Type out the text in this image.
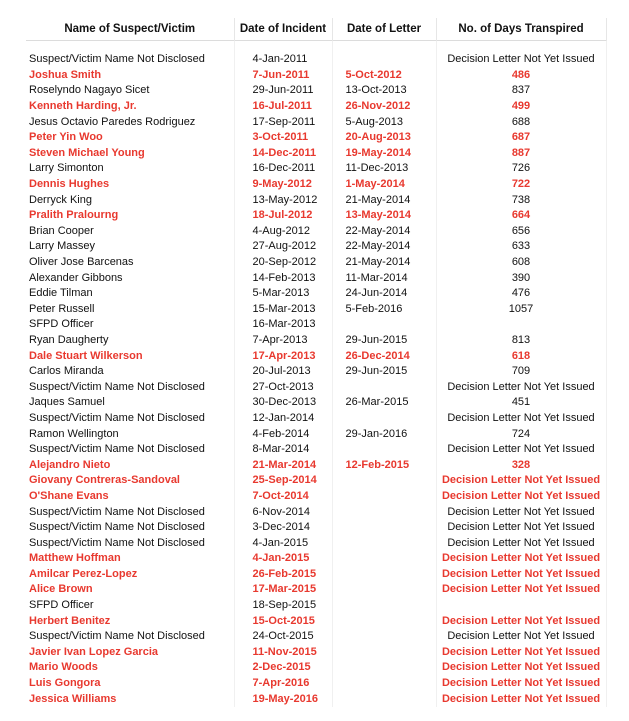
Name of Suspect/Victim	Date of Incident	Date of Letter	No. of Days Transpired

Suspect/Victim Name Not Disclosed	4-Jan-2011		Decision Letter Not Yet Issued
Joshua Smith	7-Jun-2011	5-Oct-2012	486
Roselyndo Nagayo Sicet	29-Jun-2011	13-Oct-2013	837
Kenneth Harding, Jr.	16-Jul-2011	26-Nov-2012	499
Jesus Octavio Paredes Rodriguez	17-Sep-2011	5-Aug-2013	688
Peter Yin Woo	3-Oct-2011	20-Aug-2013	687
Steven Michael Young	14-Dec-2011	19-May-2014	887
Larry Simonton	16-Dec-2011	11-Dec-2013	726
Dennis Hughes	9-May-2012	1-May-2014	722
Derryck King	13-May-2012	21-May-2014	738
Pralith Pralourng	18-Jul-2012	13-May-2014	664
Brian Cooper	4-Aug-2012	22-May-2014	656
Larry Massey	27-Aug-2012	22-May-2014	633
Oliver Jose Barcenas	20-Sep-2012	21-May-2014	608
Alexander Gibbons	14-Feb-2013	11-Mar-2014	390
Eddie Tilman	5-Mar-2013	24-Jun-2014	476
Peter Russell	15-Mar-2013	5-Feb-2016	1057
SFPD Officer	16-Mar-2013		
Ryan Daugherty	7-Apr-2013	29-Jun-2015	813
Dale Stuart Wilkerson	17-Apr-2013	26-Dec-2014	618
Carlos Miranda	20-Jul-2013	29-Jun-2015	709
Suspect/Victim Name Not Disclosed	27-Oct-2013		Decision Letter Not Yet Issued
Jaques Samuel	30-Dec-2013	26-Mar-2015	451
Suspect/Victim Name Not Disclosed	12-Jan-2014		Decision Letter Not Yet Issued
Ramon Wellington	4-Feb-2014	29-Jan-2016	724
Suspect/Victim Name Not Disclosed	8-Mar-2014		Decision Letter Not Yet Issued
Alejandro Nieto	21-Mar-2014	12-Feb-2015	328
Giovany Contreras-Sandoval	25-Sep-2014		Decision Letter Not Yet Issued
O'Shane Evans	7-Oct-2014		Decision Letter Not Yet Issued
Suspect/Victim Name Not Disclosed	6-Nov-2014		Decision Letter Not Yet Issued
Suspect/Victim Name Not Disclosed	3-Dec-2014		Decision Letter Not Yet Issued
Suspect/Victim Name Not Disclosed	4-Jan-2015		Decision Letter Not Yet Issued
Matthew Hoffman	4-Jan-2015		Decision Letter Not Yet Issued
Amilcar Perez-Lopez	26-Feb-2015		Decision Letter Not Yet Issued
Alice Brown	17-Mar-2015		Decision Letter Not Yet Issued
SFPD Officer	18-Sep-2015		
Herbert Benitez	15-Oct-2015		Decision Letter Not Yet Issued
Suspect/Victim Name Not Disclosed	24-Oct-2015		Decision Letter Not Yet Issued
Javier Ivan Lopez Garcia	11-Nov-2015		Decision Letter Not Yet Issued
Mario Woods	2-Dec-2015		Decision Letter Not Yet Issued
Luis Gongora	7-Apr-2016		Decision Letter Not Yet Issued
Jessica Williams	19-May-2016		Decision Letter Not Yet Issued
